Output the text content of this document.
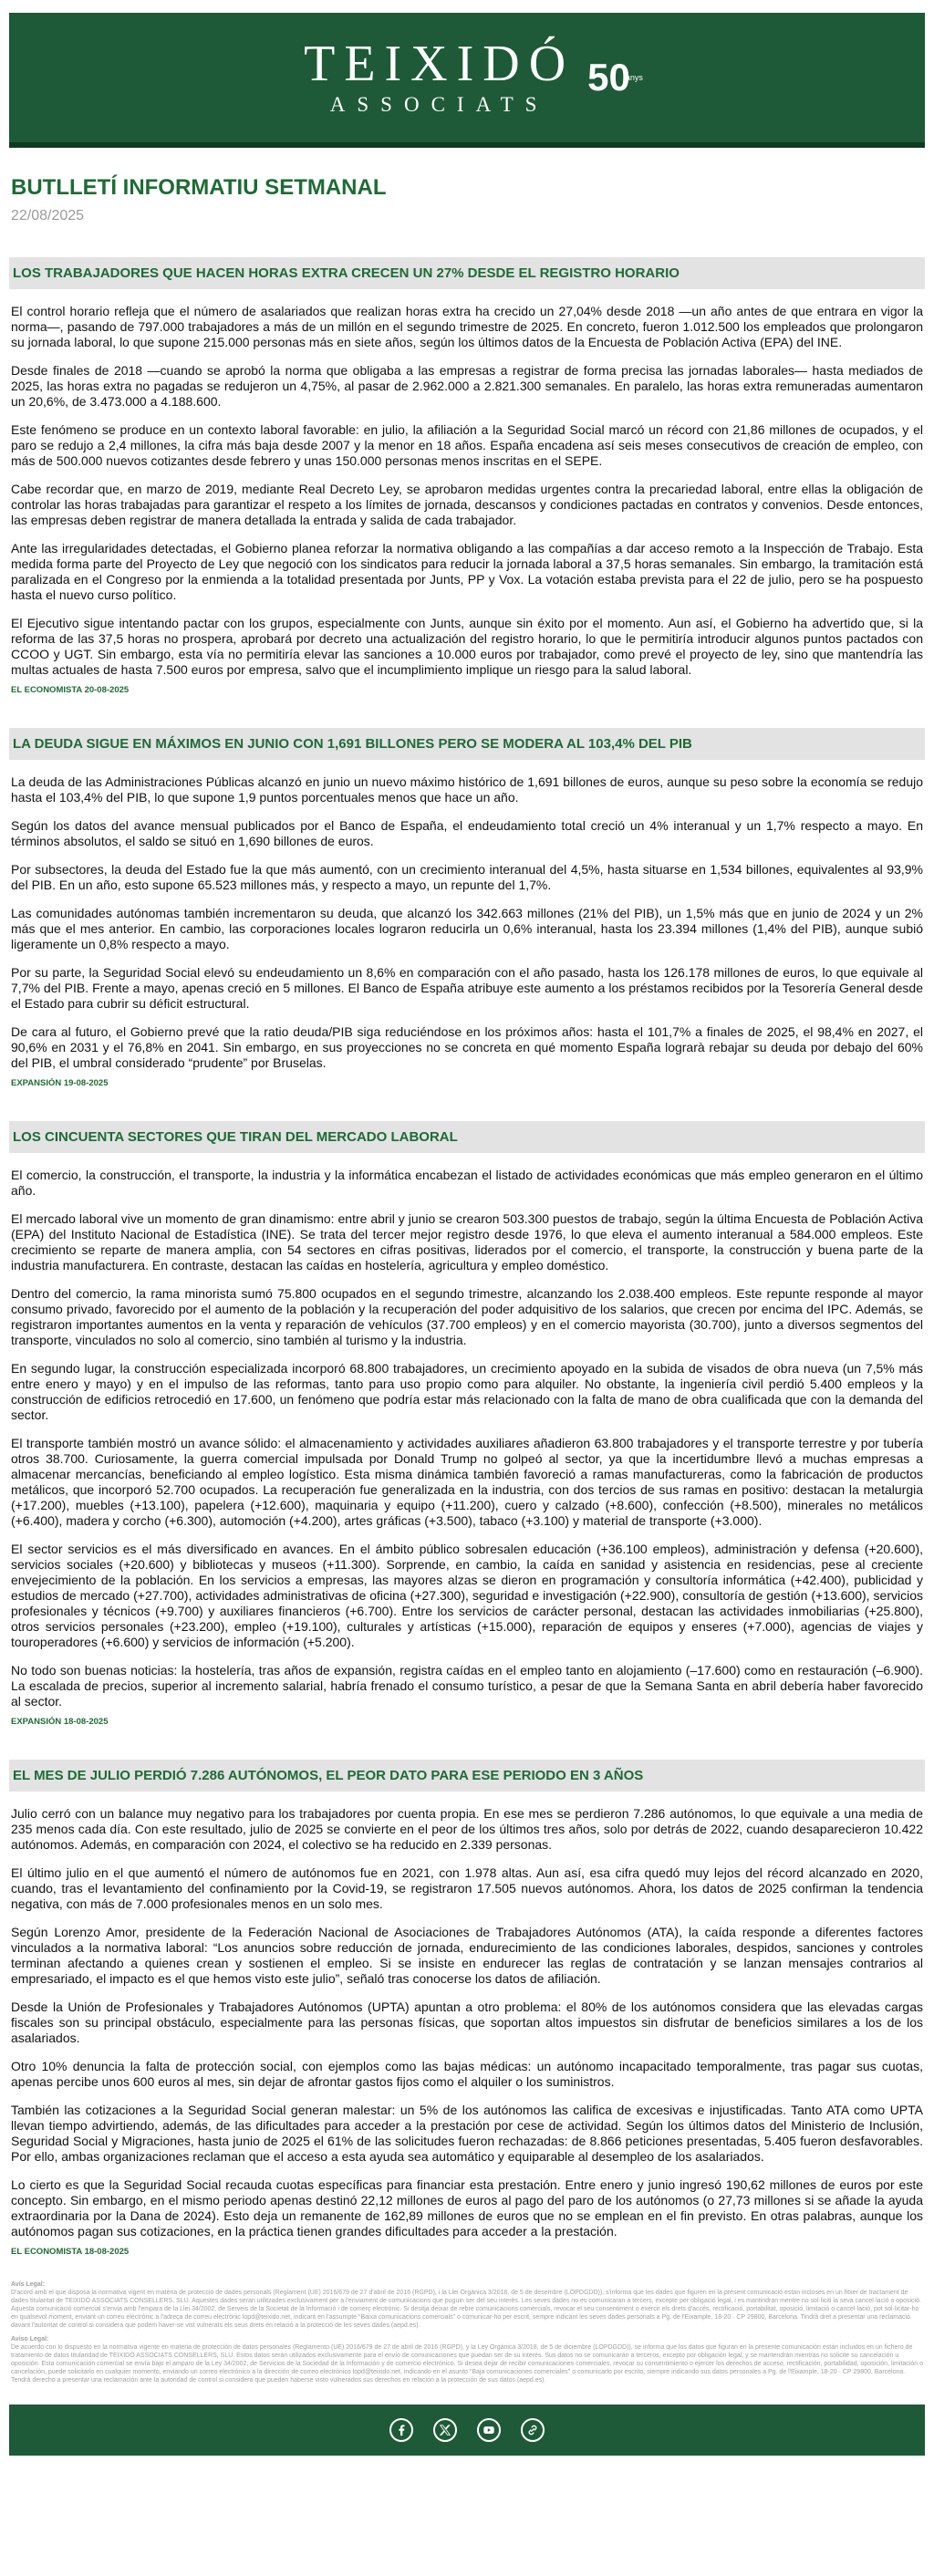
TEIXIDÓ
ASSOCIATS
50
anys
BUTLLETÍ INFORMATIU SETMANAL
22/08/2025
LOS TRABAJADORES QUE HACEN HORAS EXTRA CRECEN UN 27% DESDE EL REGISTRO HORARIO

El control horario refleja que el número de asalariados que realizan horas extra ha crecido un 27,04% desde 2018 —un año antes de que entrara en vigor la norma—, pasando de 797.000 trabajadores a más de un millón en el segundo trimestre de 2025. En concreto, fueron 1.012.500 los empleados que prolongaron su jornada laboral, lo que supone 215.000 personas más en siete años, según los últimos datos de la Encuesta de Población Activa (EPA) del INE.

Desde finales de 2018 —cuando se aprobó la norma que obligaba a las empresas a registrar de forma precisa las jornadas laborales— hasta mediados de 2025, las horas extra no pagadas se redujeron un 4,75%, al pasar de 2.962.000 a 2.821.300 semanales. En paralelo, las horas extra remuneradas aumentaron un 20,6%, de 3.473.000 a 4.188.600.

Este fenómeno se produce en un contexto laboral favorable: en julio, la afiliación a la Seguridad Social marcó un récord con 21,86 millones de ocupados, y el paro se redujo a 2,4 millones, la cifra más baja desde 2007 y la menor en 18 años. España encadena así seis meses consecutivos de creación de empleo, con más de 500.000 nuevos cotizantes desde febrero y unas 150.000 personas menos inscritas en el SEPE.

Cabe recordar que, en marzo de 2019, mediante Real Decreto Ley, se aprobaron medidas urgentes contra la precariedad laboral, entre ellas la obligación de controlar las horas trabajadas para garantizar el respeto a los límites de jornada, descansos y condiciones pactadas en contratos y convenios. Desde entonces, las empresas deben registrar de manera detallada la entrada y salida de cada trabajador.

Ante las irregularidades detectadas, el Gobierno planea reforzar la normativa obligando a las compañías a dar acceso remoto a la Inspección de Trabajo. Esta medida forma parte del Proyecto de Ley que negoció con los sindicatos para reducir la jornada laboral a 37,5 horas semanales. Sin embargo, la tramitación está paralizada en el Congreso por la enmienda a la totalidad presentada por Junts, PP y Vox. La votación estaba prevista para el 22 de julio, pero se ha pospuesto hasta el nuevo curso político.

El Ejecutivo sigue intentando pactar con los grupos, especialmente con Junts, aunque sin éxito por el momento. Aun así, el Gobierno ha advertido que, si la reforma de las 37,5 horas no prospera, aprobará por decreto una actualización del registro horario, lo que le permitiría introducir algunos puntos pactados con CCOO y UGT. Sin embargo, esta vía no permitiría elevar las sanciones a 10.000 euros por trabajador, como prevé el proyecto de ley, sino que mantendría las multas actuales de hasta 7.500 euros por empresa, salvo que el incumplimiento implique un riesgo para la salud laboral.

EL ECONOMISTA 20-08-2025
LA DEUDA SIGUE EN MÁXIMOS EN JUNIO CON 1,691 BILLONES PERO SE MODERA AL 103,4% DEL PIB

La deuda de las Administraciones Públicas alcanzó en junio un nuevo máximo histórico de 1,691 billones de euros, aunque su peso sobre la economía se redujo hasta el 103,4% del PIB, lo que supone 1,9 puntos porcentuales menos que hace un año.

Según los datos del avance mensual publicados por el Banco de España, el endeudamiento total creció un 4% interanual y un 1,7% respecto a mayo. En términos absolutos, el saldo se situó en 1,690 billones de euros.

Por subsectores, la deuda del Estado fue la que más aumentó, con un crecimiento interanual del 4,5%, hasta situarse en 1,534 billones, equivalentes al 93,9% del PIB. En un año, esto supone 65.523 millones más, y respecto a mayo, un repunte del 1,7%.

Las comunidades autónomas también incrementaron su deuda, que alcanzó los 342.663 millones (21% del PIB), un 1,5% más que en junio de 2024 y un 2% más que el mes anterior. En cambio, las corporaciones locales lograron reducirla un 0,6% interanual, hasta los 23.394 millones (1,4% del PIB), aunque subió ligeramente un 0,8% respecto a mayo.

Por su parte, la Seguridad Social elevó su endeudamiento un 8,6% en comparación con el año pasado, hasta los 126.178 millones de euros, lo que equivale al 7,7% del PIB. Frente a mayo, apenas creció en 5 millones. El Banco de España atribuye este aumento a los préstamos recibidos por la Tesorería General desde el Estado para cubrir su déficit estructural.

De cara al futuro, el Gobierno prevé que la ratio deuda/PIB siga reduciéndose en los próximos años: hasta el 101,7% a finales de 2025, el 98,4% en 2027, el 90,6% en 2031 y el 76,8% en 2041. Sin embargo, en sus proyecciones no se concreta en qué momento España lograrà rebajar su deuda por debajo del 60% del PIB, el umbral considerado “prudente” por Bruselas.

EXPANSIÓN 19-08-2025
LOS CINCUENTA SECTORES QUE TIRAN DEL MERCADO LABORAL

El comercio, la construcción, el transporte, la industria y la informática encabezan el listado de actividades económicas que más empleo generaron en el último año.

El mercado laboral vive un momento de gran dinamismo: entre abril y junio se crearon 503.300 puestos de trabajo, según la última Encuesta de Población Activa (EPA) del Instituto Nacional de Estadística (INE). Se trata del tercer mejor registro desde 1976, lo que eleva el aumento interanual a 584.000 empleos. Este crecimiento se reparte de manera amplia, con 54 sectores en cifras positivas, liderados por el comercio, el transporte, la construcción y buena parte de la industria manufacturera. En contraste, destacan las caídas en hostelería, agricultura y empleo doméstico.

Dentro del comercio, la rama minorista sumó 75.800 ocupados en el segundo trimestre, alcanzando los 2.038.400 empleos. Este repunte responde al mayor consumo privado, favorecido por el aumento de la población y la recuperación del poder adquisitivo de los salarios, que crecen por encima del IPC. Además, se registraron importantes aumentos en la venta y reparación de vehículos (37.700 empleos) y en el comercio mayorista (30.700), junto a diversos segmentos del transporte, vinculados no solo al comercio, sino también al turismo y la industria.

En segundo lugar, la construcción especializada incorporó 68.800 trabajadores, un crecimiento apoyado en la subida de visados de obra nueva (un 7,5% más entre enero y mayo) y en el impulso de las reformas, tanto para uso propio como para alquiler. No obstante, la ingeniería civil perdió 5.400 empleos y la construcción de edificios retrocedió en 17.600, un fenómeno que podría estar más relacionado con la falta de mano de obra cualificada que con la demanda del sector.

El transporte también mostró un avance sólido: el almacenamiento y actividades auxiliares añadieron 63.800 trabajadores y el transporte terrestre y por tubería otros 38.700. Curiosamente, la guerra comercial impulsada por Donald Trump no golpeó al sector, ya que la incertidumbre llevó a muchas empresas a almacenar mercancías, beneficiando al empleo logístico. Esta misma dinámica también favoreció a ramas manufactureras, como la fabricación de productos metálicos, que incorporó 52.700 ocupados. La recuperación fue generalizada en la industria, con dos tercios de sus ramas en positivo: destacan la metalurgia (+17.200), muebles (+13.100), papelera (+12.600), maquinaria y equipo (+11.200), cuero y calzado (+8.600), confección (+8.500), minerales no metálicos (+6.400), madera y corcho (+6.300), automoción (+4.200), artes gráficas (+3.500), tabaco (+3.100) y material de transporte (+3.000).

El sector servicios es el más diversificado en avances. En el ámbito público sobresalen educación (+36.100 empleos), administración y defensa (+20.600), servicios sociales (+20.600) y bibliotecas y museos (+11.300). Sorprende, en cambio, la caída en sanidad y asistencia en residencias, pese al creciente envejecimiento de la población. En los servicios a empresas, las mayores alzas se dieron en programación y consultoría informática (+42.400), publicidad y estudios de mercado (+27.700), actividades administrativas de oficina (+27.300), seguridad e investigación (+22.900), consultoría de gestión (+13.600), servicios profesionales y técnicos (+9.700) y auxiliares financieros (+6.700). Entre los servicios de carácter personal, destacan las actividades inmobiliarias (+25.800), otros servicios personales (+23.200), empleo (+19.100), culturales y artísticas (+15.000), reparación de equipos y enseres (+7.000), agencias de viajes y touroperadores (+6.600) y servicios de información (+5.200).

No todo son buenas noticias: la hostelería, tras años de expansión, registra caídas en el empleo tanto en alojamiento (–17.600) como en restauración (–6.900). La escalada de precios, superior al incremento salarial, habría frenado el consumo turístico, a pesar de que la Semana Santa en abril debería haber favorecido al sector.

EXPANSIÓN 18-08-2025
EL MES DE JULIO PERDIÓ 7.286 AUTÓNOMOS, EL PEOR DATO PARA ESE PERIODO EN 3 AÑOS

Julio cerró con un balance muy negativo para los trabajadores por cuenta propia. En ese mes se perdieron 7.286 autónomos, lo que equivale a una media de 235 menos cada día. Con este resultado, julio de 2025 se convierte en el peor de los últimos tres años, solo por detrás de 2022, cuando desaparecieron 10.422 autónomos. Además, en comparación con 2024, el colectivo se ha reducido en 2.339 personas.

El último julio en el que aumentó el número de autónomos fue en 2021, con 1.978 altas. Aun así, esa cifra quedó muy lejos del récord alcanzado en 2020, cuando, tras el levantamiento del confinamiento por la Covid-19, se registraron 17.505 nuevos autónomos. Ahora, los datos de 2025 confirman la tendencia negativa, con más de 7.000 profesionales menos en un solo mes.

Según Lorenzo Amor, presidente de la Federación Nacional de Asociaciones de Trabajadores Autónomos (ATA), la caída responde a diferentes factores vinculados a la normativa laboral: “Los anuncios sobre reducción de jornada, endurecimiento de las condiciones laborales, despidos, sanciones y controles terminan afectando a quienes crean y sostienen el empleo. Si se insiste en endurecer las reglas de contratación y se lanzan mensajes contrarios al empresariado, el impacto es el que hemos visto este julio”, señaló tras conocerse los datos de afiliación.

Desde la Unión de Profesionales y Trabajadores Autónomos (UPTA) apuntan a otro problema: el 80% de los autónomos considera que las elevadas cargas fiscales son su principal obstáculo, especialmente para las personas físicas, que soportan altos impuestos sin disfrutar de beneficios similares a los de los asalariados.

Otro 10% denuncia la falta de protección social, con ejemplos como las bajas médicas: un autónomo incapacitado temporalmente, tras pagar sus cuotas, apenas percibe unos 600 euros al mes, sin dejar de afrontar gastos fijos como el alquiler o los suministros.

También las cotizaciones a la Seguridad Social generan malestar: un 5% de los autónomos las califica de excesivas e injustificadas. Tanto ATA como UPTA llevan tiempo advirtiendo, además, de las dificultades para acceder a la prestación por cese de actividad. Según los últimos datos del Ministerio de Inclusión, Seguridad Social y Migraciones, hasta junio de 2025 el 61% de las solicitudes fueron rechazadas: de 8.866 peticiones presentadas, 5.405 fueron desfavorables. Por ello, ambas organizaciones reclaman que el acceso a esta ayuda sea automático y equiparable al desempleo de los asalariados.

Lo cierto es que la Seguridad Social recauda cuotas específicas para financiar esta prestación. Entre enero y junio ingresó 190,62 millones de euros por este concepto. Sin embargo, en el mismo periodo apenas destinó 22,12 millones de euros al pago del paro de los autónomos (o 27,73 millones si se añade la ayuda extraordinaria por la Dana de 2024). Esto deja un remanente de 162,89 millones de euros que no se emplean en el fin previsto. En otras palabras, aunque los autónomos pagan sus cotizaciones, en la práctica tienen grandes dificultades para acceder a la prestación.

EL ECONOMISTA 18-08-2025
Avís Legal:
D'acord amb el que disposa la normativa vigent en matèria de protecció de dades personals (Reglament (UE) 2016/679 de 27 d'abril de 2016 (RGPD), i la Llei Orgànica 3/2018, de 5 de desembre (LOPDGDD)), s'informa que les dades que figuren en la present comunicació estan incloses en un fitxer de tractament de dades titularitat de TEIXIDÓ ASSOCIATS CONSELLERS, SLU. Aquestes dades seran utilitzades exclusivament per a l'enviament de comunicacions que puguin ser del seu interès. Les seves dades no es comunicaran a tercers, excepte per obligació legal, i es mantindran mentre no sol·liciti la seva cancel·lació o oposició. Aquesta comunicació comercial s'envia amb l'empara de la Llei 34/2002, de Serveis de la Societat de la Informació i de comerç electrònic. Si desitja deixar de rebre comunicacions comercials, revocar el seu consentiment o exercir els drets d'accés, rectificació, portabilitat, oposició, limitació o cancel·lació, pot sol·licitar-ho en qualsevol moment, enviant un correu electrònic a l'adreça de correu electrònic lopd@teixido.net, indicant en l'assumpte "Baixa comunicacions comercials" o comunicar-ho per escrit, sempre indicant les seves dades personals a Pg. de l'Eixample, 18-20 · CP 29800, Barcelona. Tindrà dret a presentar una reclamació davant l'autoritat de control si considera que podem haver-se vist vulnerats els seus drets en relació a la protecció de les seves dades (aepd.es).
Aviso Legal:
De acuerdo con lo dispuesto en la normativa vigente en materia de protección de datos personales (Reglamento (UE) 2016/679 de 27 de abril de 2016 (RGPD), y la Ley Orgánica 3/2018, de 5 de diciembre (LOPDGDD)), se informa que los datos que figuran en la presente comunicación están incluidos en un fichero de tratamiento de datos titularidad de TEIXIDÓ ASSOCIATS CONSELLERS, SLU. Estos datos serán utilizados exclusivamente para el envío de comunicaciones que puedan ser de su interés. Sus datos no se comunicarán a terceros, excepto por obligación legal, y se mantendrán mientras no solicite su cancelación u oposición. Esta comunicación comercial se envía bajo el amparo de la Ley 34/2002, de Servicios de la Sociedad de la Información y de comercio electrónico. Si desea dejar de recibir comunicaciones comerciales, revocar su consentimiento o ejercer los derechos de acceso, rectificación, portabilidad, oposición, limitación o cancelación, puede solicitarlo en cualquier momento, enviando un correo electrónico a la dirección de correo electrónico lopd@teixido.net, indicando en el asunto "Baja comunicaciones comerciales" o comunicarlo por escrito, siempre indicando sus datos personales a Pg. de l'Eixample, 18-20 · CP 29800, Barcelona. Tendrá derecho a presentar una reclamación ante la autoridad de control si considera que pueden haberse visto vulnerados sus derechos en relación a la protección de sus datos (aepd.es).
